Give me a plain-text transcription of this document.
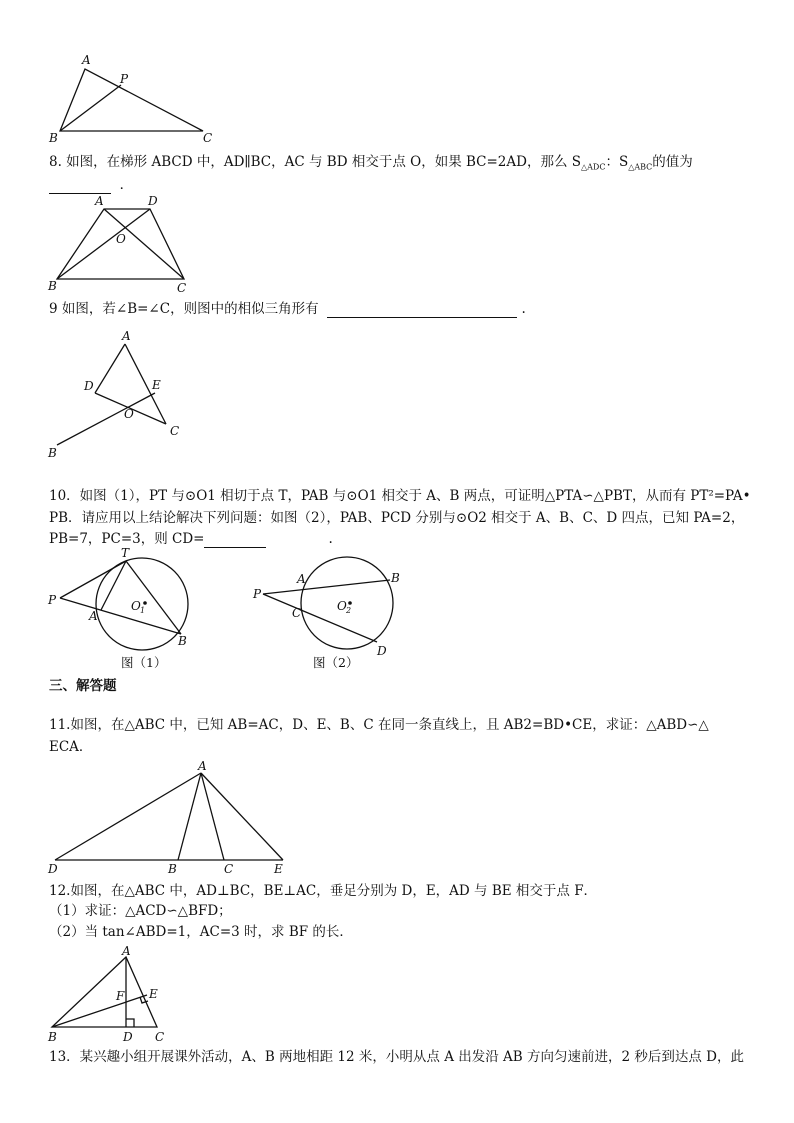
A
P
B	C
8. 如图，在梯形 ABCD 中，AD∥BC，AC 与 BD 相交于点 O，如果 BC=2AD，那么 $S_{\triangle ADC}$：$S_{\triangle ABC}$的值为
．
A	D
O
B	C
9 如图，若∠B=∠C，则图中的相似三角形有	.
A
D	E
O
B
C
10．如图（1），PT 与⊙O1 相切于点 T，PAB 与⊙O1 相交于 A、B 两点，可证明△PTA∽△PBT，从而有 PT²=PA•
PB．请应用以上结论解决下列问题：如图（2），PAB、PCD 分别与⊙O2 相交于 A、B、C、D 四点，已知 PA=2，
PB=7，PC=3，则 CD=	.
T
P
A
B
O 1
图（1）
A	B
P
C
D
O 2
图（2）
三、解答题
11.如图，在△ABC 中，已知 AB=AC，D、E、B、C 在同一条直线上，且 AB2=BD•CE，求证：△ABD∽△
ECA．
A
D	B	C	E
12.如图，在△ABC 中，AD⊥BC，BE⊥AC，垂足分别为 D，E，AD 与 BE 相交于点 F．
（1）求证：△ACD∽△BFD；
（2）当 tan∠ABD=1，AC=3 时，求 BF 的长．
A
F E
B	D C
13．某兴趣小组开展课外活动，A、B 两地相距 12 米，小明从点 A 出发沿 AB 方向匀速前进，2 秒后到达点 D，此
